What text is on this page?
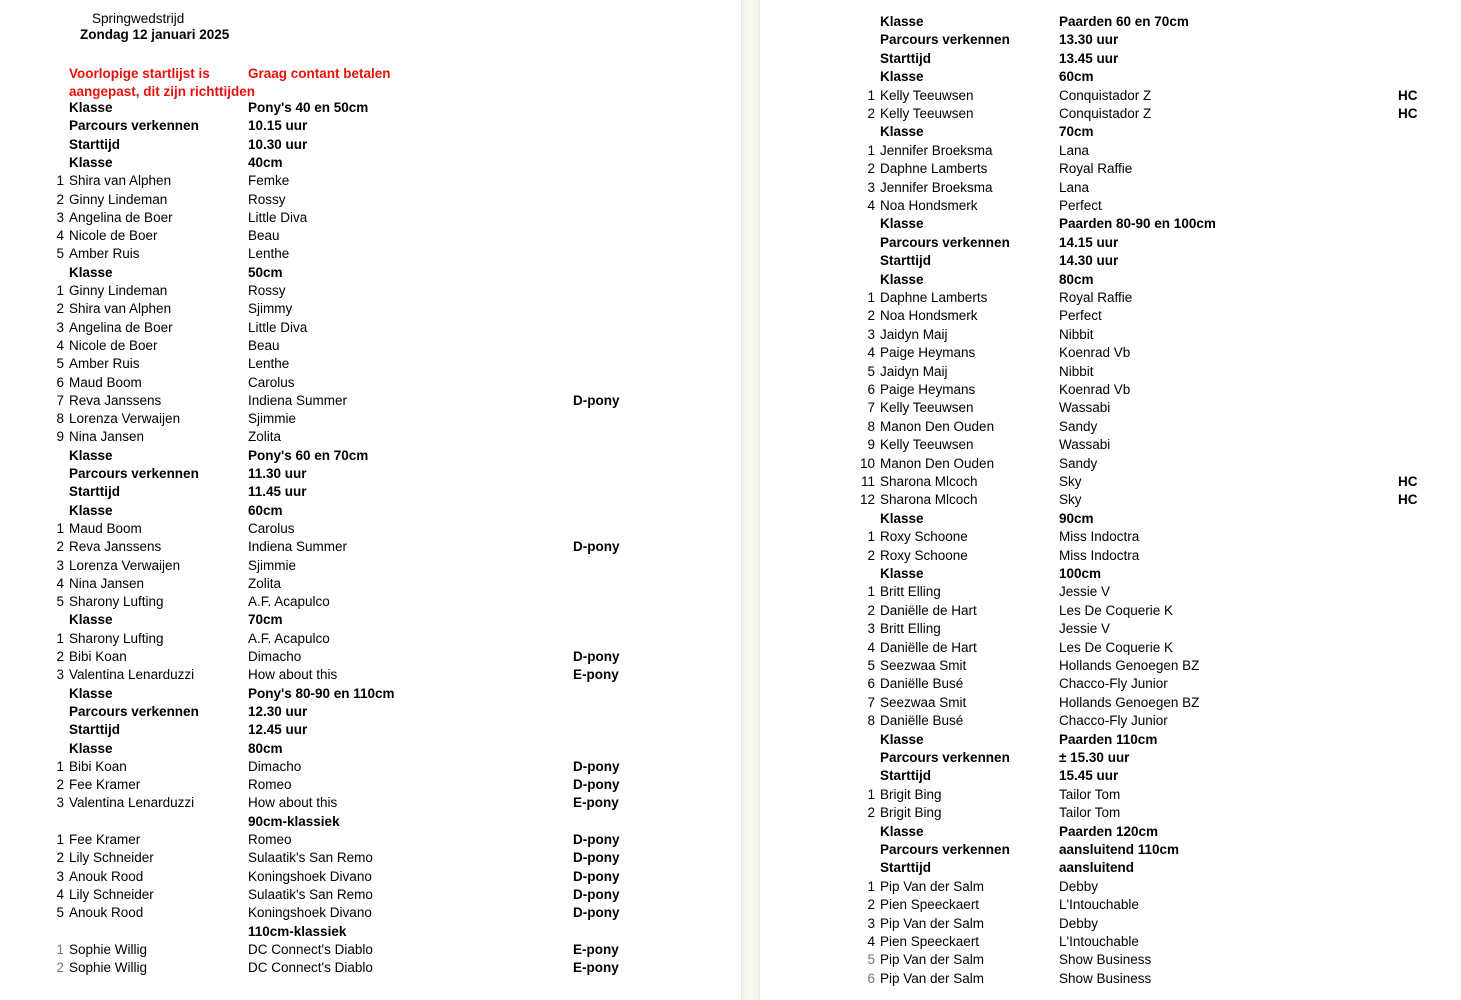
Springwedstrijd
Zondag 12 januari 2025
Voorlopige startlijst is aangepast, dit zijn richttijden
Graag contant betalen
Klasse	Pony's 40 en 50cm
Parcours verkennen	10.15 uur
Starttijd	10.30 uur
Klasse	40cm
1 Shira van Alphen	Femke
2 Ginny Lindeman	Rossy
3 Angelina de Boer	Little Diva
4 Nicole de Boer	Beau
5 Amber Ruis	Lenthe
Klasse	50cm
1 Ginny Lindeman	Rossy
2 Shira van Alphen	Sjimmy
3 Angelina de Boer	Little Diva
4 Nicole de Boer	Beau
5 Amber Ruis	Lenthe
6 Maud Boom	Carolus
7 Reva Janssens	Indiena Summer	D-pony
8 Lorenza Verwaijen	Sjimmie
9 Nina Jansen	Zolita
Klasse	Pony's 60 en 70cm
Parcours verkennen	11.30 uur
Starttijd	11.45 uur
Klasse	60cm
1 Maud Boom	Carolus
2 Reva Janssens	Indiena Summer	D-pony
3 Lorenza Verwaijen	Sjimmie
4 Nina Jansen	Zolita
5 Sharony Lufting	A.F. Acapulco
Klasse	70cm
1 Sharony Lufting	A.F. Acapulco
2 Bibi Koan	Dimacho	D-pony
3 Valentina Lenarduzzi	How about this	E-pony
Klasse	Pony's 80-90 en 110cm
Parcours verkennen	12.30 uur
Starttijd	12.45 uur
Klasse	80cm
1 Bibi Koan	Dimacho	D-pony
2 Fee Kramer	Romeo	D-pony
3 Valentina Lenarduzzi	How about this	E-pony
90cm-klassiek
1 Fee Kramer	Romeo	D-pony
2 Lily Schneider	Sulaatik's San Remo	D-pony
3 Anouk Rood	Koningshoek Divano	D-pony
4 Lily Schneider	Sulaatik's San Remo	D-pony
5 Anouk Rood	Koningshoek Divano	D-pony
110cm-klassiek
1 Sophie Willig	DC Connect's Diablo	E-pony
2 Sophie Willig	DC Connect's Diablo	E-pony
Klasse	Paarden 60 en 70cm
Parcours verkennen	13.30 uur
Starttijd	13.45 uur
Klasse	60cm
1 Kelly Teeuwsen	Conquistador Z	HC
2 Kelly Teeuwsen	Conquistador Z	HC
Klasse	70cm
1 Jennifer Broeksma	Lana
2 Daphne Lamberts	Royal Raffie
3 Jennifer Broeksma	Lana
4 Noa Hondsmerk	Perfect
Klasse	Paarden 80-90 en 100cm
Parcours verkennen	14.15 uur
Starttijd	14.30 uur
Klasse	80cm
1 Daphne Lamberts	Royal Raffie
2 Noa Hondsmerk	Perfect
3 Jaidyn Maij	Nibbit
4 Paige Heymans	Koenrad Vb
5 Jaidyn Maij	Nibbit
6 Paige Heymans	Koenrad Vb
7 Kelly Teeuwsen	Wassabi
8 Manon Den Ouden	Sandy
9 Kelly Teeuwsen	Wassabi
10 Manon Den Ouden	Sandy
11 Sharona Mlcoch	Sky	HC
12 Sharona Mlcoch	Sky	HC
Klasse	90cm
1 Roxy Schoone	Miss Indoctra
2 Roxy Schoone	Miss Indoctra
Klasse	100cm
1 Britt Elling	Jessie V
2 Daniëlle de Hart	Les De Coquerie K
3 Britt Elling	Jessie V
4 Daniëlle de Hart	Les De Coquerie K
5 Seezwaa Smit	Hollands Genoegen BZ
6 Daniëlle Busé	Chacco-Fly Junior
7 Seezwaa Smit	Hollands Genoegen BZ
8 Daniëlle Busé	Chacco-Fly Junior
Klasse	Paarden 110cm
Parcours verkennen	± 15.30 uur
Starttijd	15.45 uur
1 Brigit Bing	Tailor Tom
2 Brigit Bing	Tailor Tom
Klasse	Paarden 120cm
Parcours verkennen	aansluitend 110cm
Starttijd	aansluitend
1 Pip Van der Salm	Debby
2 Pien Speeckaert	L'Intouchable
3 Pip Van der Salm	Debby
4 Pien Speeckaert	L'Intouchable
5 Pip Van der Salm	Show Business
6 Pip Van der Salm	Show Business
